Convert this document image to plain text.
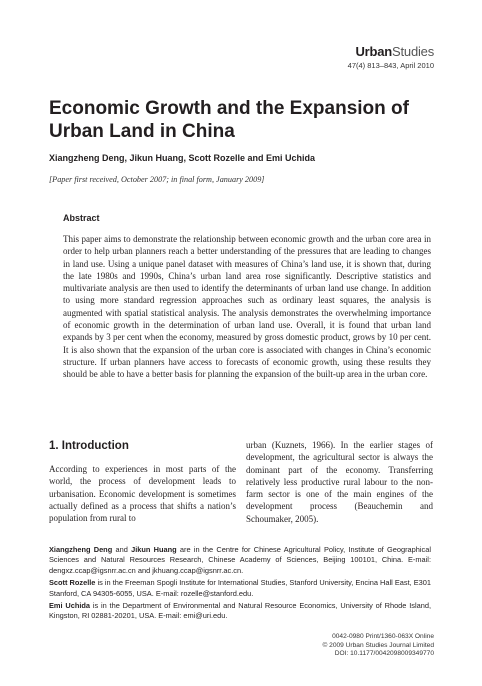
UrbanStudies
47(4) 813–843, April 2010
Economic Growth and the Expansion of Urban Land in China
Xiangzheng Deng, Jikun Huang, Scott Rozelle and Emi Uchida
[Paper first received, October 2007; in final form, January 2009]
Abstract

This paper aims to demonstrate the relationship between economic growth and the urban core area in order to help urban planners reach a better understanding of the pressures that are leading to changes in land use. Using a unique panel dataset with measures of China’s land use, it is shown that, during the late 1980s and 1990s, China’s urban land area rose significantly. Descriptive statistics and multivariate analysis are then used to identify the determinants of urban land use change. In addition to using more standard regression approaches such as ordinary least squares, the analysis is augmented with spatial statistical analysis. The analysis demonstrates the overwhelming importance of economic growth in the determination of urban land use. Overall, it is found that urban land expands by 3 per cent when the economy, measured by gross domestic product, grows by 10 per cent. It is also shown that the expansion of the urban core is associated with changes in China’s economic structure. If urban planners have access to forecasts of economic growth, using these results they should be able to have a better basis for planning the expansion of the built-up area in the urban core.

1. Introduction

According to experiences in most parts of the world, the process of development leads to urbanisation. Economic development is sometimes actually defined as a process that shifts a nation’s population from rural to

urban (Kuznets, 1966). In the earlier stages of development, the agricultural sector is always the dominant part of the economy. Transferring relatively less productive rural labour to the non-farm sector is one of the main engines of the development process (Beauchemin and Schoumaker, 2005).

Xiangzheng Deng and Jikun Huang are in the Centre for Chinese Agricultural Policy, Institute of Geographical Sciences and Natural Resources Research, Chinese Academy of Sciences, Beijing 100101, China. E-mail: dengxz.ccap@igsnrr.ac.cn and jkhuang.ccap@igsnrr.ac.cn.

Scott Rozelle is in the Freeman Spogli Institute for International Studies, Stanford University, Encina Hall East, E301 Stanford, CA 94305-6055, USA. E-mail: rozelle@stanford.edu.

Emi Uchida is in the Department of Environmental and Natural Resource Economics, University of Rhode Island, Kingston, RI 02881-20201, USA. E-mail: emi@uri.edu.

0042-0980 Print/1360-063X Online
© 2009 Urban Studies Journal Limited
DOI: 10.1177/0042098009349770
